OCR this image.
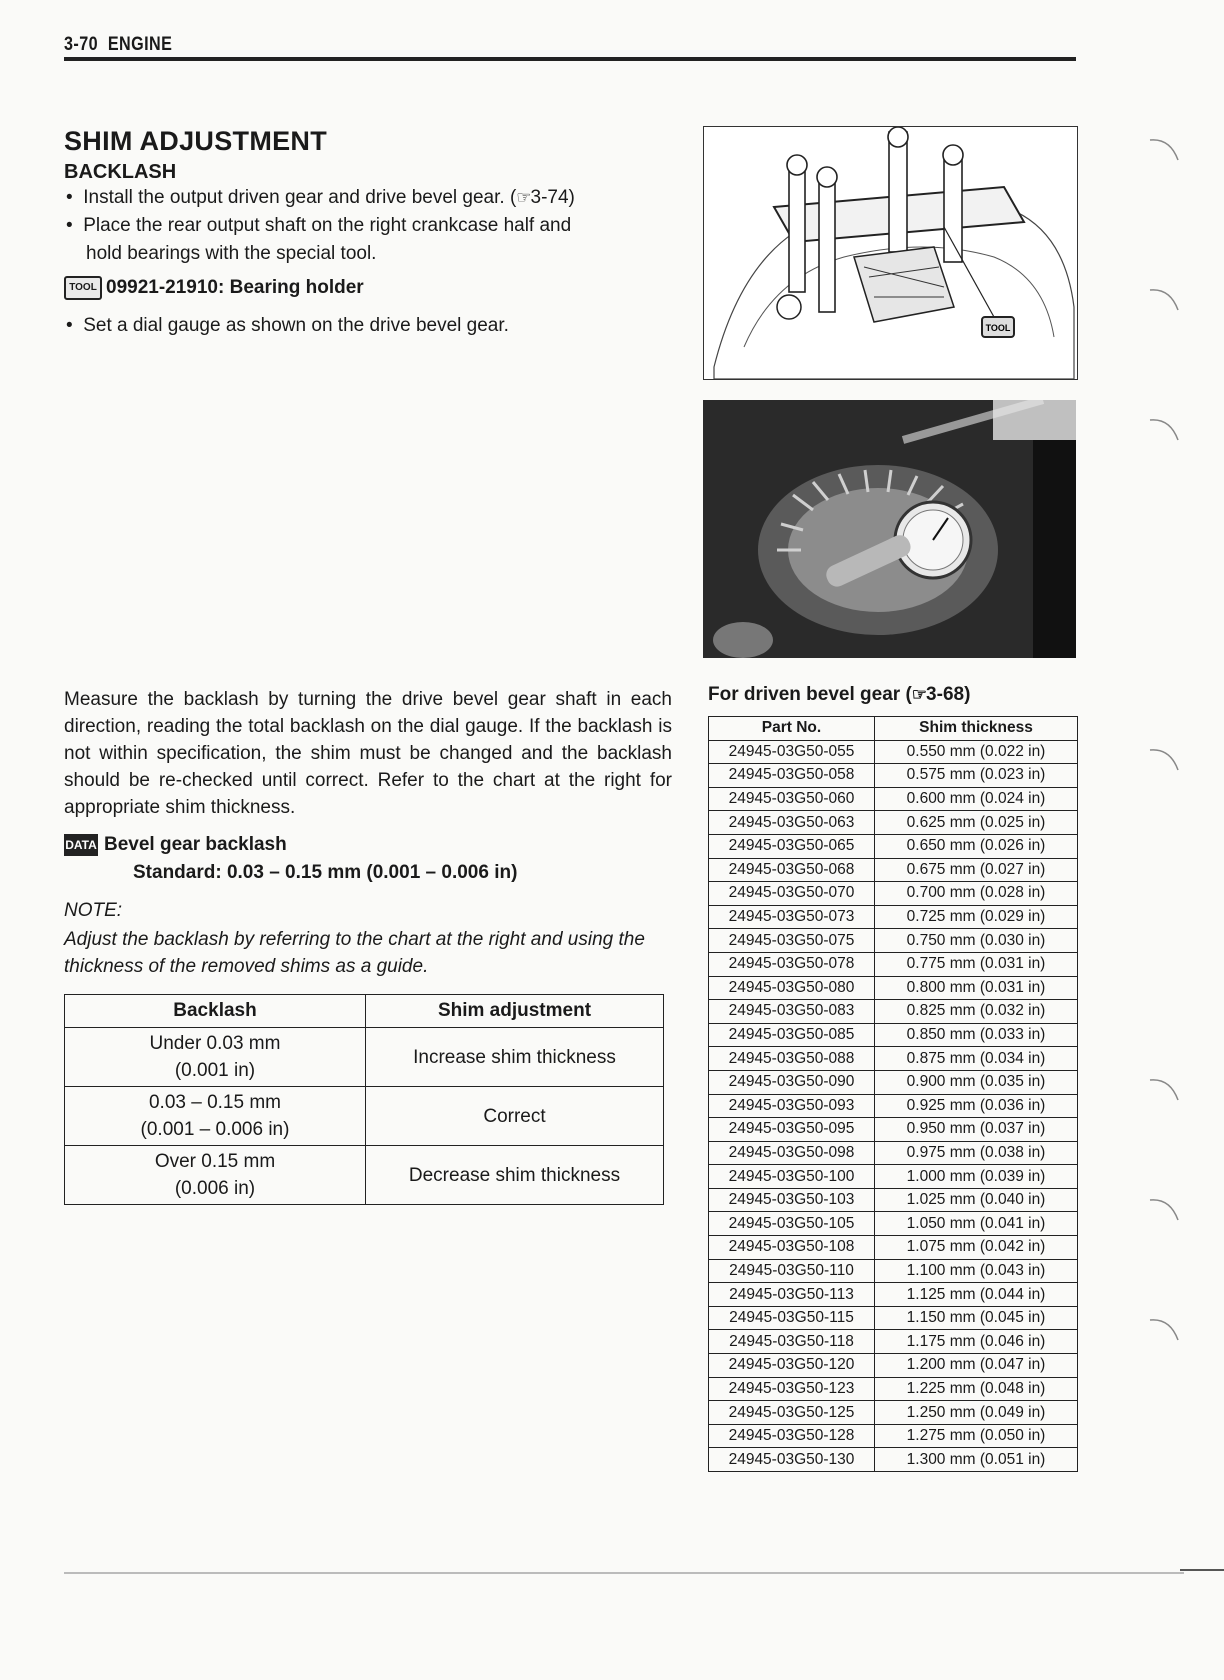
3-70 ENGINE
SHIM ADJUSTMENT
BACKLASH
•  Install the output driven gear and drive bevel gear. (☞3-74)
•  Place the rear output shaft on the right crankcase half and
hold bearings with the special tool.
TOOL 09921-21910: Bearing holder
•  Set a dial gauge as shown on the drive bevel gear.	TOOL
Measure the backlash by turning the drive bevel gear shaft in each direction, reading the total backlash on the dial gauge. If the backlash is not within specification, the shim must be changed and the backlash should be re-checked until correct. Refer to the chart at the right for appropriate shim thickness.
DATA Bevel gear backlash
Standard: 0.03 – 0.15 mm (0.001 – 0.006 in)
NOTE:
Adjust the backlash by referring to the chart at the right and using the thickness of the removed shims as a guide.
Backlash	Shim adjustment

Under 0.03 mm
(0.001 in)	Increase shim thickness

0.03 – 0.15 mm
(0.001 – 0.006 in)	Correct

Over 0.15 mm
(0.006 in)	Decrease shim thickness
For driven bevel gear (☞3-68)
Part No.	Shim thickness
24945-03G50-055	0.550 mm (0.022 in)
24945-03G50-058	0.575 mm (0.023 in)
24945-03G50-060	0.600 mm (0.024 in)
24945-03G50-063	0.625 mm (0.025 in)
24945-03G50-065	0.650 mm (0.026 in)
24945-03G50-068	0.675 mm (0.027 in)
24945-03G50-070	0.700 mm (0.028 in)
24945-03G50-073	0.725 mm (0.029 in)
24945-03G50-075	0.750 mm (0.030 in)
24945-03G50-078	0.775 mm (0.031 in)
24945-03G50-080	0.800 mm (0.031 in)
24945-03G50-083	0.825 mm (0.032 in)
24945-03G50-085	0.850 mm (0.033 in)
24945-03G50-088	0.875 mm (0.034 in)
24945-03G50-090	0.900 mm (0.035 in)
24945-03G50-093	0.925 mm (0.036 in)
24945-03G50-095	0.950 mm (0.037 in)
24945-03G50-098	0.975 mm (0.038 in)
24945-03G50-100	1.000 mm (0.039 in)
24945-03G50-103	1.025 mm (0.040 in)
24945-03G50-105	1.050 mm (0.041 in)
24945-03G50-108	1.075 mm (0.042 in)
24945-03G50-110	1.100 mm (0.043 in)
24945-03G50-113	1.125 mm (0.044 in)
24945-03G50-115	1.150 mm (0.045 in)
24945-03G50-118	1.175 mm (0.046 in)
24945-03G50-120	1.200 mm (0.047 in)
24945-03G50-123	1.225 mm (0.048 in)
24945-03G50-125	1.250 mm (0.049 in)
24945-03G50-128	1.275 mm (0.050 in)
24945-03G50-130	1.300 mm (0.051 in)
